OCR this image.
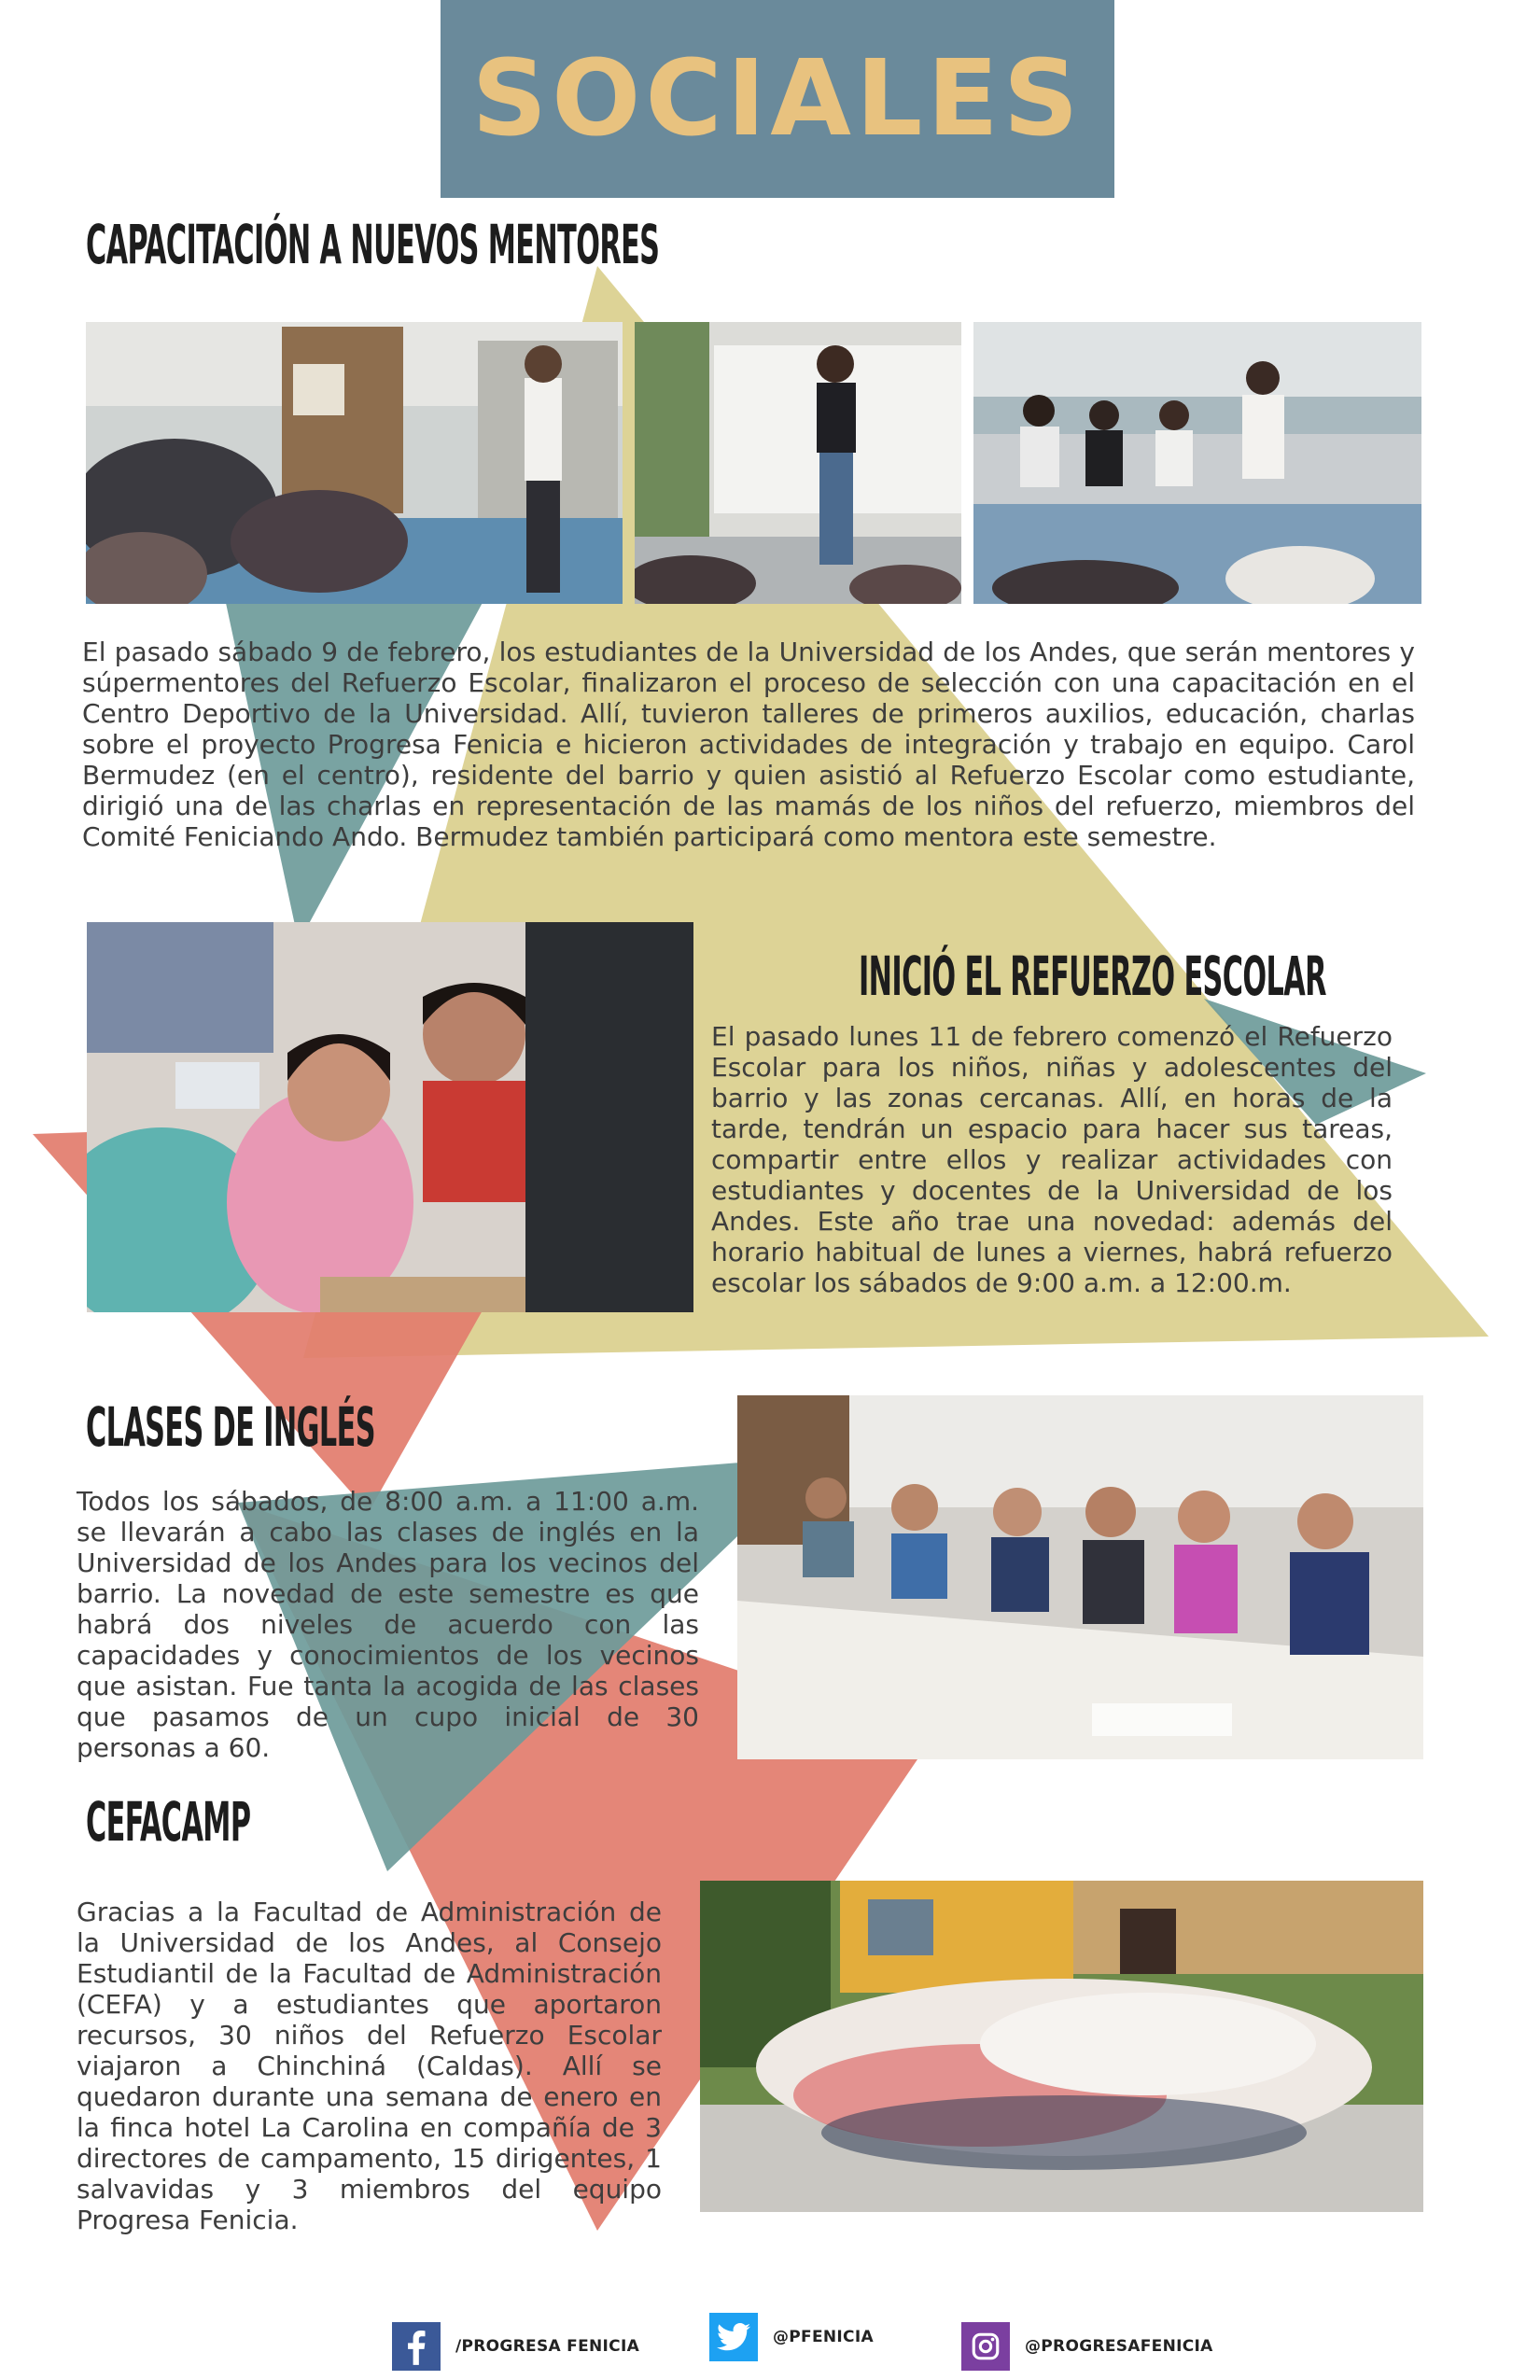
SOCIALES
CAPACITACIÓN A NUEVOS MENTORES
El pasado sábado 9 de febrero, los estudiantes de la Universidad de los Andes, que serán mentores y súpermentores del Refuerzo Escolar, finalizaron el proceso de selección con una capacitación en el Centro Deportivo de la Universidad. Allí, tuvieron talleres de primeros auxilios, educación, charlas sobre el proyecto Progresa Fenicia e hicieron actividades de integración y trabajo en equipo. Carol Bermudez (en el centro), residente del barrio y quien asistió al Refuerzo Escolar como estudiante, dirigió una de las charlas en representación de las mamás de los niños del refuerzo, miembros del Comité Feniciando Ando. Bermudez también participará como mentora este semestre.
INICIÓ EL REFUERZO ESCOLAR
El pasado lunes 11 de febrero comenzó el Refuerzo Escolar para los niños, niñas y adolescentes del barrio y las zonas cercanas. Allí, en horas de la tarde, tendrán un espacio para hacer sus tareas, compartir entre ellos y realizar actividades con estudiantes y docentes de la Universidad de los Andes. Este año trae una novedad: además del horario habitual de lunes a viernes, habrá refuerzo escolar los sábados de 9:00 a.m. a 12:00.m.
CLASES DE INGLÉS
Todos los sábados, de 8:00 a.m. a 11:00 a.m. se llevarán a cabo las clases de inglés en la Universidad de los Andes para los vecinos del barrio. La novedad de este semestre es que habrá dos niveles de acuerdo con las capacidades y conocimientos de los vecinos que asistan. Fue tanta la acogida de las clases que pasamos de un cupo inicial de 30 personas a 60.
CEFACAMP
Gracias a la Facultad de Administración de la Universidad de los Andes, al Consejo Estudiantil de la Facultad de Administración (CEFA) y a estudiantes que aportaron recursos, 30 niños del Refuerzo Escolar viajaron a Chinchiná (Caldas). Allí se quedaron durante una semana de enero en la finca hotel La Carolina en compañía de 3 directores de campamento, 15 dirigentes, 1 salvavidas y 3 miembros del equipo Progresa Fenicia.
/PROGRESA FENICIA	@PFENICIA	@PROGRESAFENICIA
